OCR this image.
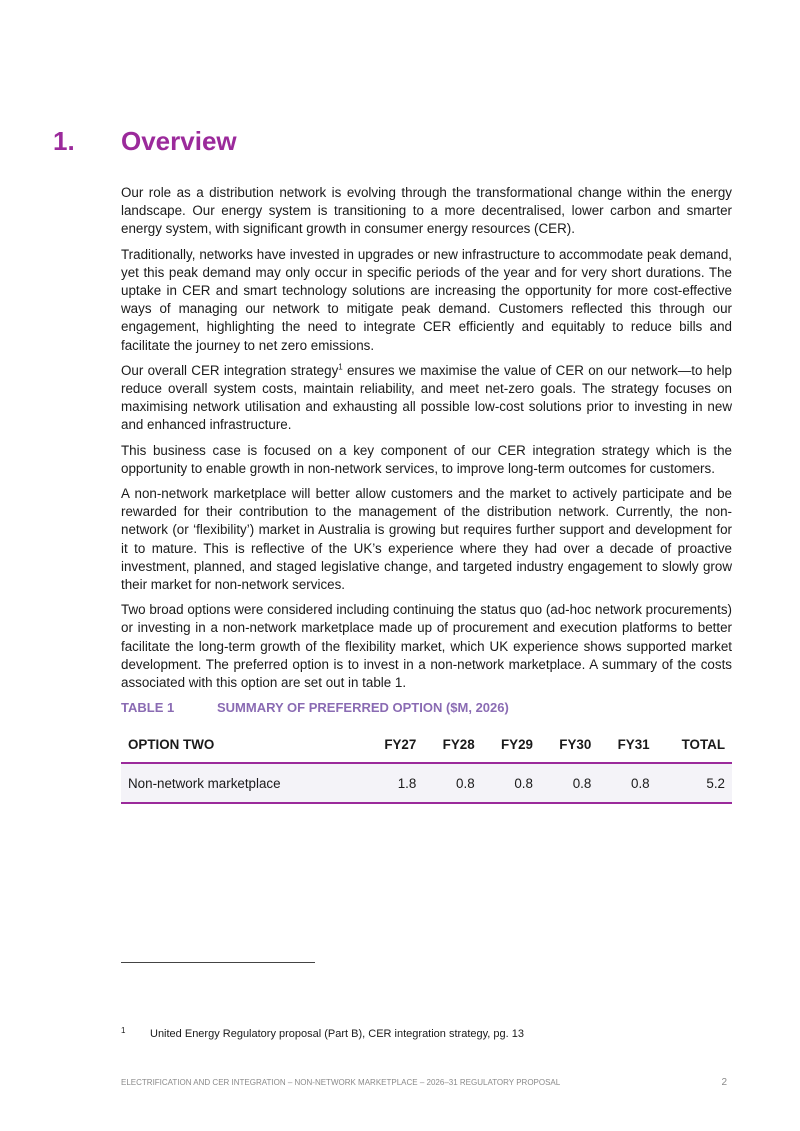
1. Overview

Our role as a distribution network is evolving through the transformational change within the energy landscape. Our energy system is transitioning to a more decentralised, lower carbon and smarter energy system, with significant growth in consumer energy resources (CER).

Traditionally, networks have invested in upgrades or new infrastructure to accommodate peak demand, yet this peak demand may only occur in specific periods of the year and for very short durations. The uptake in CER and smart technology solutions are increasing the opportunity for more cost-effective ways of managing our network to mitigate peak demand. Customers reflected this through our engagement, highlighting the need to integrate CER efficiently and equitably to reduce bills and facilitate the journey to net zero emissions.

Our overall CER integration strategy$^1$ ensures we maximise the value of CER on our network—to help reduce overall system costs, maintain reliability, and meet net-zero goals. The strategy focuses on maximising network utilisation and exhausting all possible low-cost solutions prior to investing in new and enhanced infrastructure.

This business case is focused on a key component of our CER integration strategy which is the opportunity to enable growth in non-network services, to improve long-term outcomes for customers.

A non-network marketplace will better allow customers and the market to actively participate and be rewarded for their contribution to the management of the distribution network. Currently, the non-network (or ‘flexibility’) market in Australia is growing but requires further support and development for it to mature. This is reflective of the UK’s experience where they had over a decade of proactive investment, planned, and staged legislative change, and targeted industry engagement to slowly grow their market for non-network services.

Two broad options were considered including continuing the status quo (ad-hoc network procurements) or investing in a non-network marketplace made up of procurement and execution platforms to better facilitate the long-term growth of the flexibility market, which UK experience shows supported market development. The preferred option is to invest in a non-network marketplace. A summary of the costs associated with this option are set out in table 1.

TABLE 1	SUMMARY OF PREFERRED OPTION ($M, 2026)
OPTION TWO	FY27	FY28	FY29	FY30	FY31	TOTAL
Non-network marketplace	1.8	0.8	0.8	0.8	0.8	5.2
1 United Energy Regulatory proposal (Part B), CER integration strategy, pg. 13
ELECTRIFICATION AND CER INTEGRATION – NON-NETWORK MARKETPLACE – 2026–31 REGULATORY PROPOSAL	2
